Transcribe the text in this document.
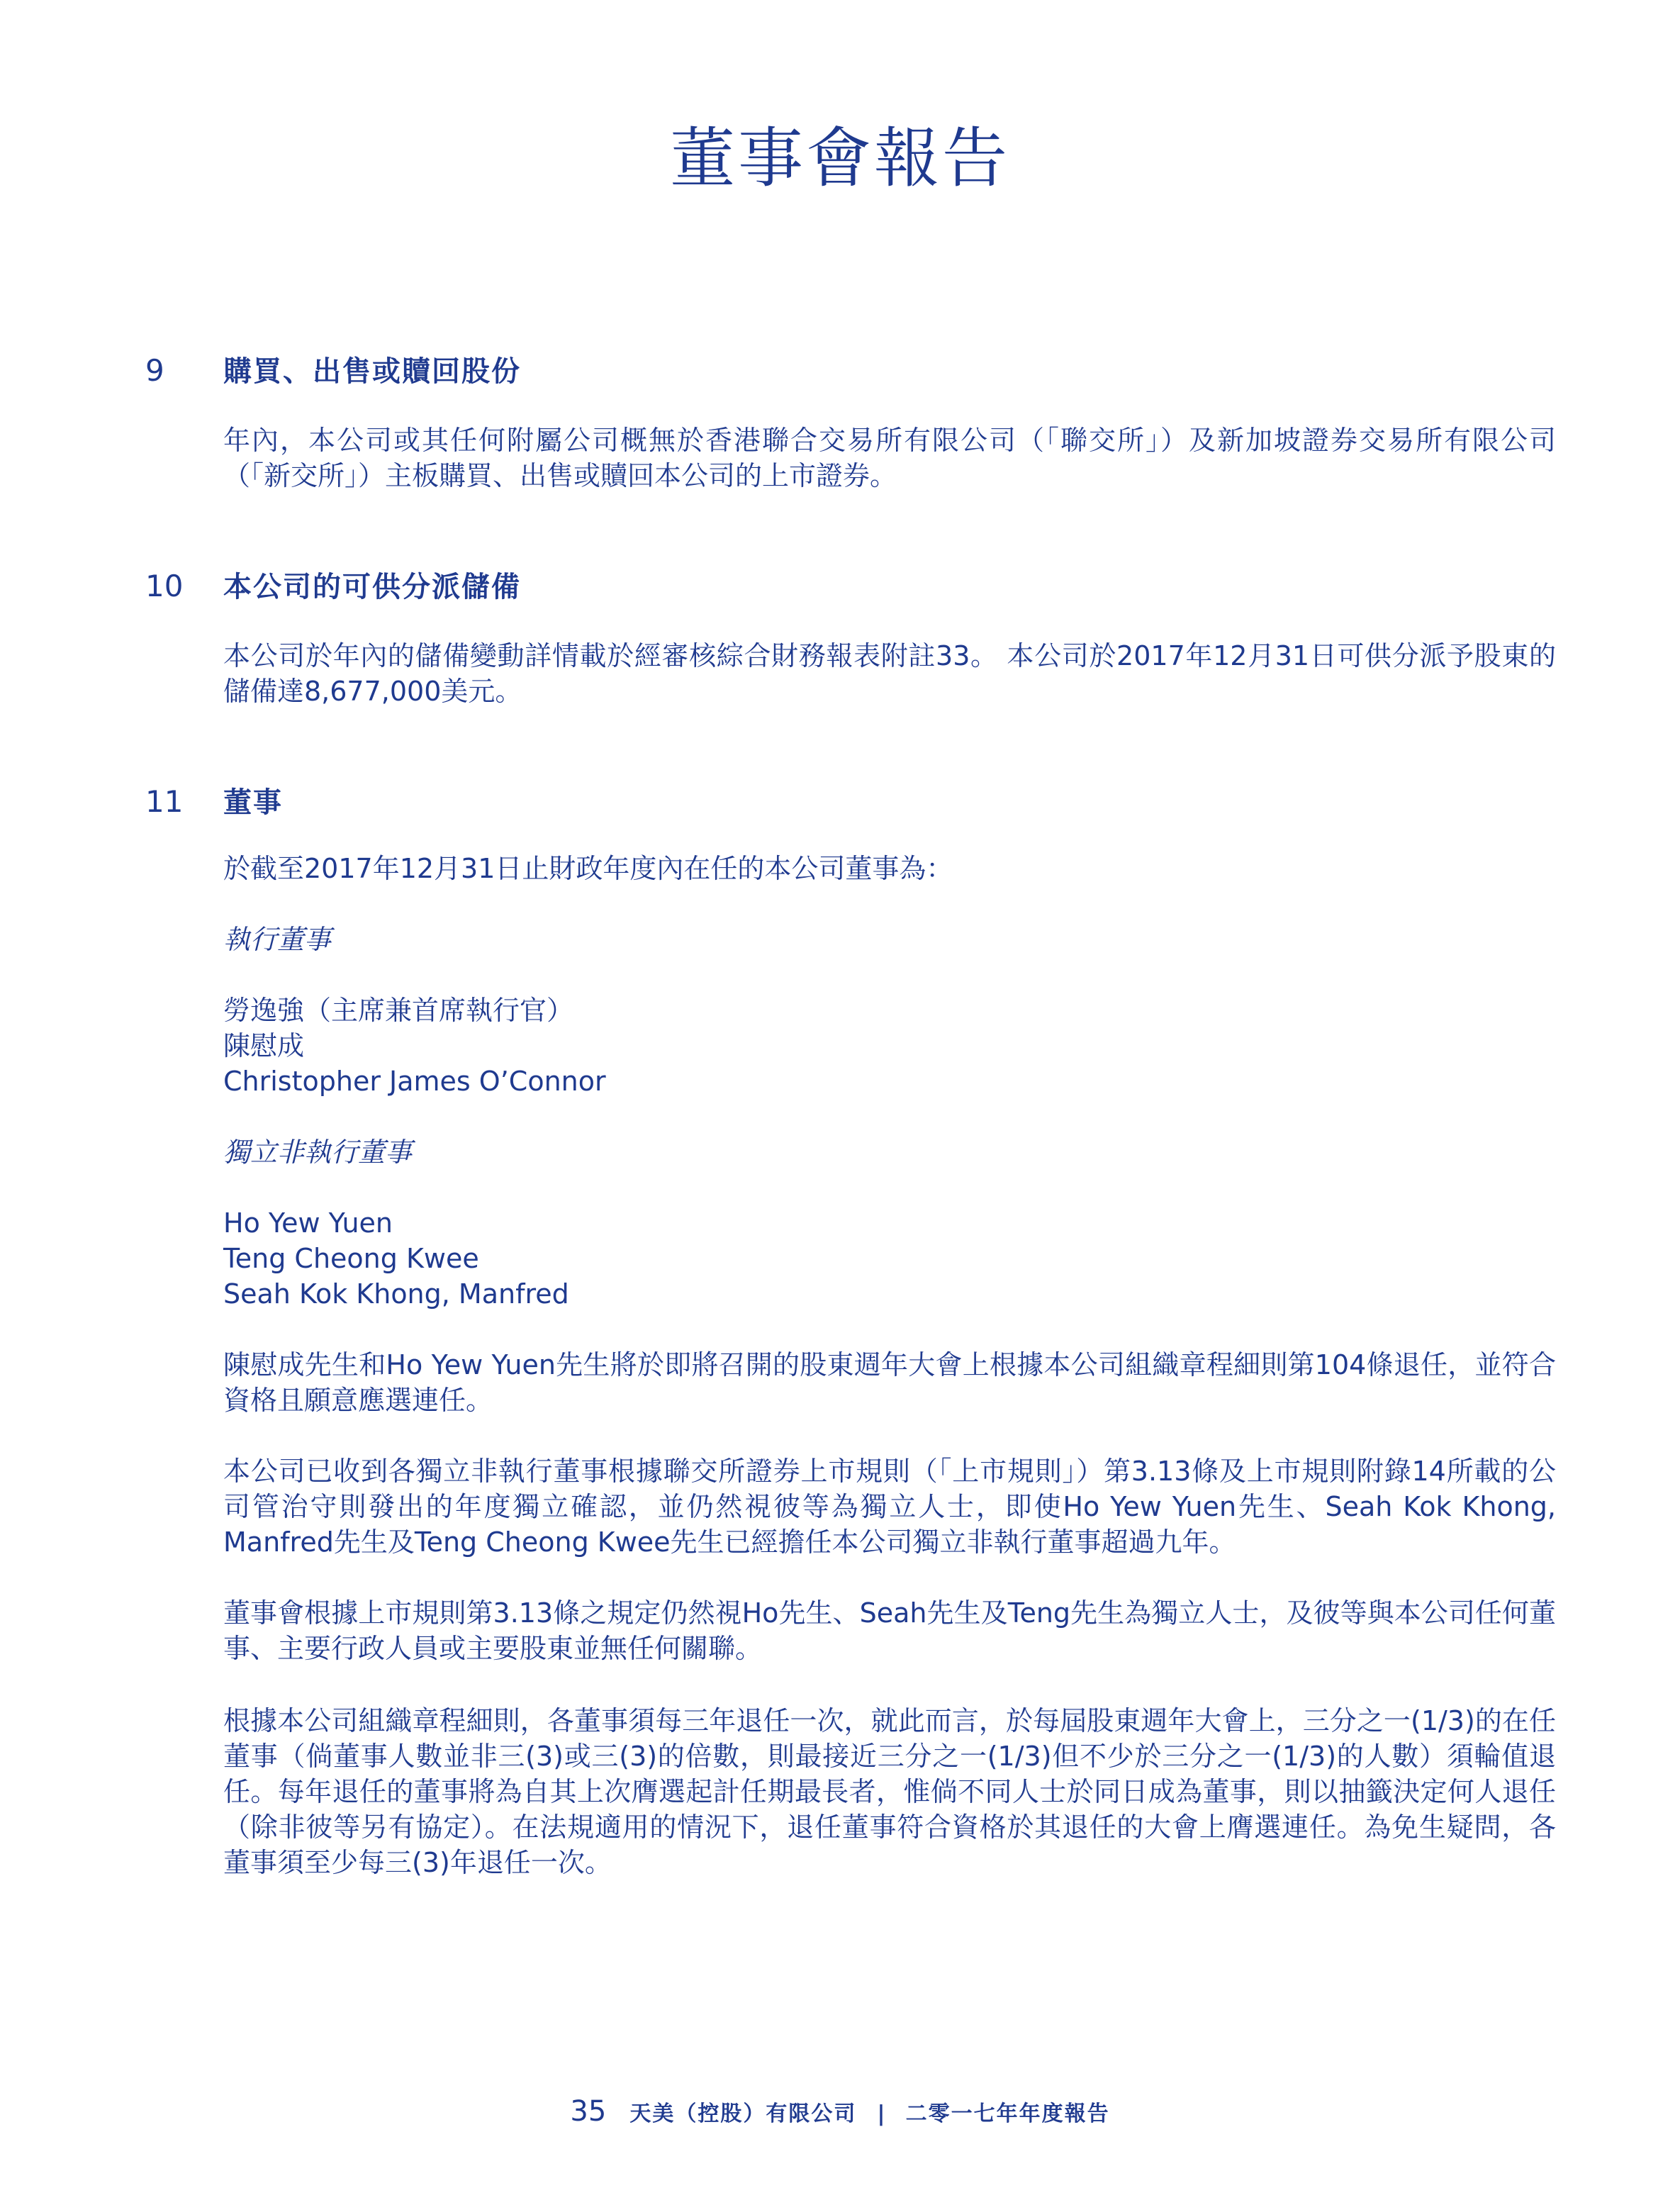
董事會報告
9	購買、出售或贖回股份

年內，本公司或其任何附屬公司概無於香港聯合交易所有限公司（「聯交所」）及新加坡證券交易所有限公司（「新交所」）主板購買、出售或贖回本公司的上市證券。

10	本公司的可供分派儲備

本公司於年內的儲備變動詳情載於經審核綜合財務報表附註33。 本公司於2017年12月31日可供分派予股東的儲備達8,677,000美元。

11	董事

於截至2017年12月31日止財政年度內在任的本公司董事為：

執行董事

勞逸強（主席兼首席執行官）

陳慰成

Christopher James O’Connor

獨立非執行董事

Ho Yew Yuen

Teng Cheong Kwee

Seah Kok Khong, Manfred

陳慰成先生和Ho Yew Yuen先生將於即將召開的股東週年大會上根據本公司組織章程細則第104條退任，並符合資格且願意應選連任。

本公司已收到各獨立非執行董事根據聯交所證券上市規則（「上市規則」）第3.13條及上市規則附錄14所載的公司管治守則發出的年度獨立確認，並仍然視彼等為獨立人士，即使Ho Yew Yuen先生、Seah Kok Khong, Manfred先生及Teng Cheong Kwee先生已經擔任本公司獨立非執行董事超過九年。

董事會根據上市規則第3.13條之規定仍然視Ho先生、Seah先生及Teng先生為獨立人士，及彼等與本公司任何董事、主要行政人員或主要股東並無任何關聯。

根據本公司組織章程細則，各董事須每三年退任一次，就此而言，於每屆股東週年大會上，三分之一(1/3)的在任董事（倘董事人數並非三(3)或三(3)的倍數，則最接近三分之一(1/3)但不少於三分之一(1/3)的人數）須輪值退任。每年退任的董事將為自其上次膺選起計任期最長者，惟倘不同人士於同日成為董事，則以抽籤決定何人退任（除非彼等另有協定）。在法規適用的情況下，退任董事符合資格於其退任的大會上膺選連任。為免生疑問，各董事須至少每三(3)年退任一次。

35 天美（控股）有限公司 | 二零一七年年度報告
